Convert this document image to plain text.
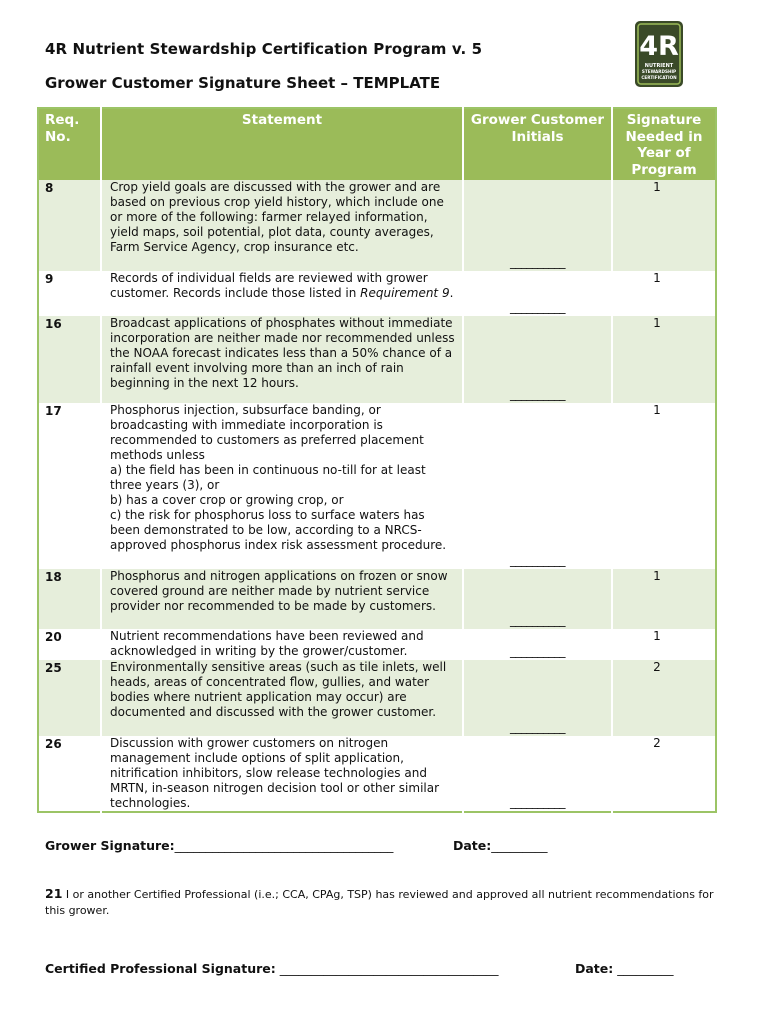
4R Nutrient Stewardship Certification Program v. 5
Grower Customer Signature Sheet – TEMPLATE
4R
NUTRIENT
STEWARDSHIP
CERTIFICATION
Req. No.	Statement	Grower Customer Initials	Signature Needed in Year of Program
8	Crop yield goals are discussed with the grower and are based on previous crop yield history, which include one or more of the following: farmer relayed information, yield maps, soil potential, plot data, county averages, Farm Service Agency, crop insurance etc.	__________	1
9	Records of individual fields are reviewed with grower customer. Records include those listed in Requirement 9.	__________	1
16	Broadcast applications of phosphates without immediate incorporation are neither made nor recommended unless the NOAA forecast indicates less than a 50% chance of a rainfall event involving more than an inch of rain beginning in the next 12 hours.	__________	1
17	Phosphorus injection, subsurface banding, or broadcasting with immediate incorporation is recommended to customers as preferred placement methods unless
a) the field has been in continuous no-till for at least three years (3), or
b) has a cover crop or growing crop, or
c) the risk for phosphorus loss to surface waters has been demonstrated to be low, according to a NRCS-approved phosphorus index risk assessment procedure.	__________	1
18	Phosphorus and nitrogen applications on frozen or snow covered ground are neither made by nutrient service provider nor recommended to be made by customers.	__________	1
20	Nutrient recommendations have been reviewed and acknowledged in writing by the grower/customer.	__________	1
25	Environmentally sensitive areas (such as tile inlets, well heads, areas of concentrated flow, gullies, and water bodies where nutrient application may occur) are documented and discussed with the grower customer.	__________	2
26	Discussion with grower customers on nitrogen management include options of split application, nitrification inhibitors, slow release technologies and MRTN, in-season nitrogen decision tool or other similar technologies.	__________	2
Grower Signature:___________________________________	Date:_________
21 I or another Certified Professional (i.e.; CCA, CPAg, TSP) has reviewed and approved all nutrient recommendations for this grower.
Certified Professional Signature: ___________________________________	Date: _________
